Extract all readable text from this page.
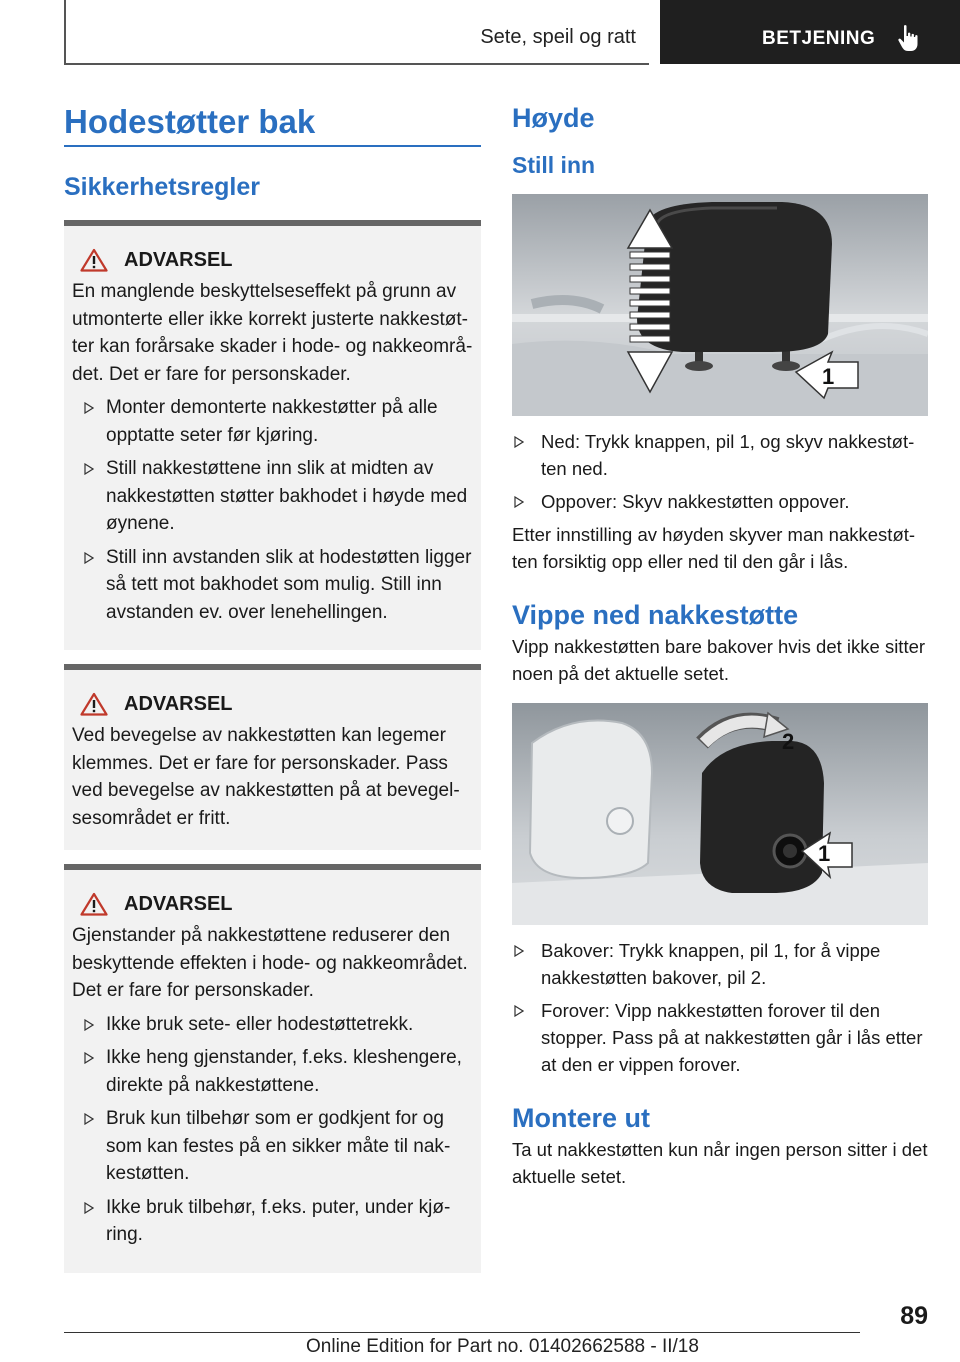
Sete, speil og ratt	BETJENING
Hodestøtter bak
Sikkerhetsregler
ADVARSEL
En manglende beskyttelseseffekt på grunn av utmonterte eller ikke korrekt justerte nakkestøtter kan forårsake skader i hode- og nakkeområdet. Det er fare for personskader.
Monter demonterte nakkestøtter på alle opptatte seter før kjøring.
Still nakkestøttene inn slik at midten av nakkestøtten støtter bakhodet i høyde med øynene.
Still inn avstanden slik at hodestøtten ligger så tett mot bakhodet som mulig. Still inn avstanden ev. over lenehellingen.
ADVARSEL
Ved bevegelse av nakkestøtten kan legemer klemmes. Det er fare for personskader. Pass ved bevegelse av nakkestøtten på at bevegelsesområdet er fritt.
ADVARSEL
Gjenstander på nakkestøttene reduserer den beskyttende effekten i hode- og nakkeområdet. Det er fare for personskader.
Ikke bruk sete- eller hodestøttetrekk.
Ikke heng gjenstander, f.eks. kleshengere, direkte på nakkestøttene.
Bruk kun tilbehør som er godkjent for og som kan festes på en sikker måte til nakkestøtten.
Ikke bruk tilbehør, f.eks. puter, under kjøring.
Høyde
Still inn
1
Ned: Trykk knappen, pil 1, og skyv nakkestøtten ned.
Oppover: Skyv nakkestøtten oppover.
Etter innstilling av høyden skyver man nakkestøtten forsiktig opp eller ned til den går i lås.
Vippe ned nakkestøtte
Vipp nakkestøtten bare bakover hvis det ikke sitter noen på det aktuelle setet.
2
1
Bakover: Trykk knappen, pil 1, for å vippe nakkestøtten bakover, pil 2.
Forover: Vipp nakkestøtten forover til den stopper. Pass på at nakkestøtten går i lås etter at den er vippen forover.
Montere ut
Ta ut nakkestøtten kun når ingen person sitter i det aktuelle setet.
89
Online Edition for Part no. 01402662588 - II/18
